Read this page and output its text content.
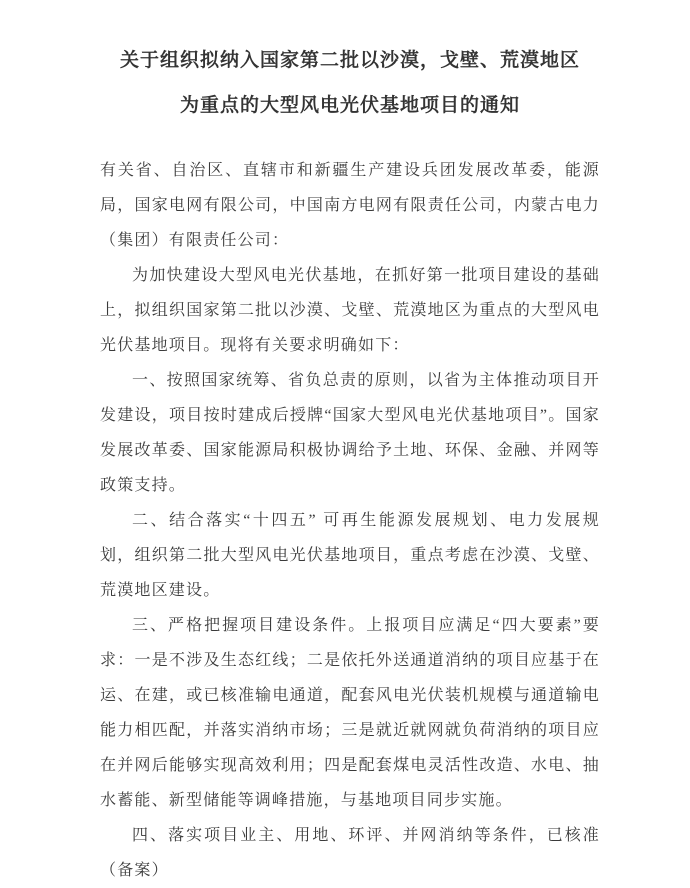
关于组织拟纳入国家第二批以沙漠，戈壁、荒漠地区
为重点的大型风电光伏基地项目的通知

有关省、自治区、直辖市和新疆生产建设兵团发展改革委，能源局，国家电网有限公司，中国南方电网有限责任公司，内蒙古电力（集团）有限责任公司：

为加快建设大型风电光伏基地，在抓好第一批项目建设的基础上，拟组织国家第二批以沙漠、戈壁、荒漠地区为重点的大型风电光伏基地项目。现将有关要求明确如下：

一、按照国家统筹、省负总责的原则，以省为主体推动项目开发建设，项目按时建成后授牌“国家大型风电光伏基地项目”。国家发展改革委、国家能源局积极协调给予土地、环保、金融、并网等政策支持。

二、结合落实“十四五” 可再生能源发展规划、电力发展规划，组织第二批大型风电光伏基地项目，重点考虑在沙漠、戈壁、荒漠地区建设。

三、严格把握项目建设条件。上报项目应满足“四大要素”要求：一是不涉及生态红线；二是依托外送通道消纳的项目应基于在运、在建，或已核准输电通道，配套风电光伏装机规模与通道输电能力相匹配，并落实消纳市场；三是就近就网就负荷消纳的项目应在并网后能够实现高效利用；四是配套煤电灵活性改造、水电、抽水蓄能、新型储能等调峰措施，与基地项目同步实施。

四、落实项目业主、用地、环评、并网消纳等条件，已核准（备案）
